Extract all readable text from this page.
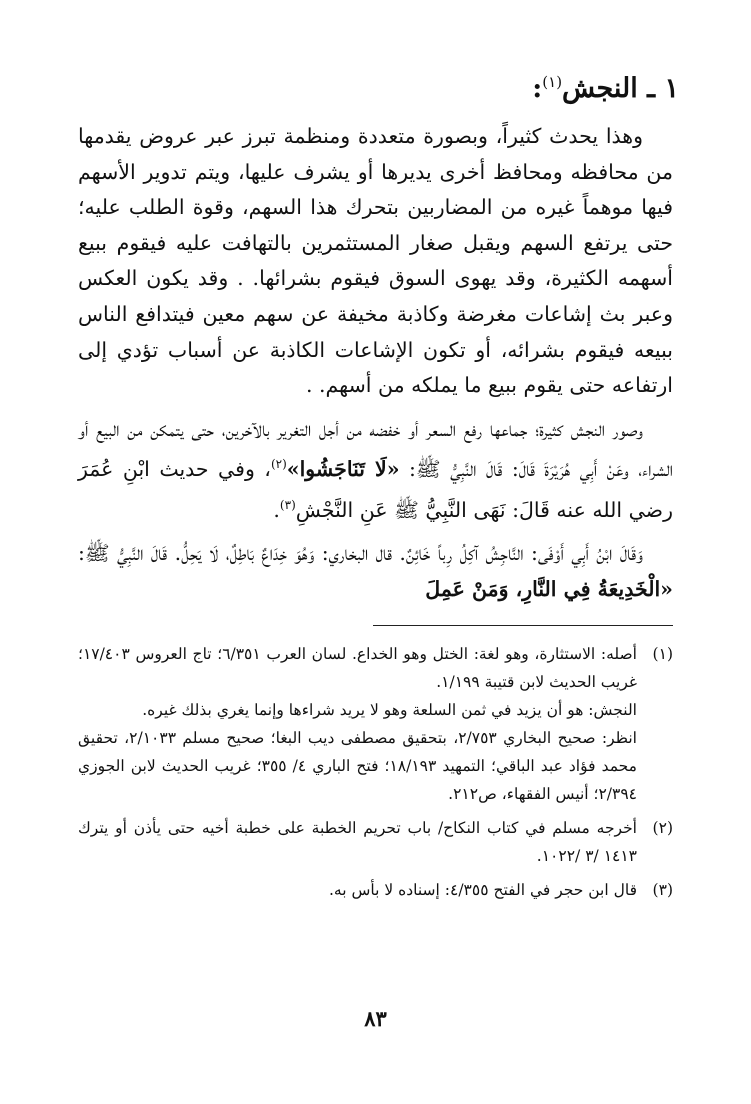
١ ـ النجش$^{(١)}$:

وهذا يحدث كثيراً، وبصورة متعددة ومنظمة تبرز عبر عروض يقدمها من محافظه ومحافظ أخرى يديرها أو يشرف عليها، ويتم تدوير الأسهم فيها موهماً غيره من المضاربين بتحرك هذا السهم، وقوة الطلب عليه؛ حتى يرتفع السهم ويقبل صغار المستثمرين بالتهافت عليه فيقوم ببيع أسهمه الكثيرة، وقد يهوى السوق فيقوم بشرائها. . وقد يكون العكس وعبر بث إشاعات مغرضة وكاذبة مخيفة عن سهم معين فيتدافع الناس ببيعه فيقوم بشرائه، أو تكون الإشاعات الكاذبة عن أسباب تؤدي إلى ارتفاعه حتى يقوم ببيع ما يملكه من أسهم. .

وصور النجش كثيرة؛ جماعها رفع السعر أو خفضه من أجل التغرير بالآخرين، حتى يتمكن من البيع أو الشراء، وعَنْ أَبِي هُرَيْرَةَ قَالَ: قَالَ النَّبِيُّ ﷺ: «لَا تَنَاجَشُوا»$^{(٢)}$، وفي حديث ابْنِ عُمَرَ رضي الله عنه قَالَ: نَهَى النَّبِيُّ ﷺ عَنِ النَّجْشِ$^{(٣)}$.

وَقَالَ ابْنُ أَبِي أَوْفَى: النَّاجِشُ آكِلُ رِباً خَائِنٌ. قال البخاري: وَهُوَ خِدَاعٌ بَاطِلٌ، لَا يَحِلُّ. قَالَ النَّبِيُّ ﷺ: «الْخَدِيعَةُ فِي النَّارِ، وَمَنْ عَمِلَ

(١)
أصله: الاستثارة، وهو لغة: الختل وهو الخداع. لسان العرب ٦/٣٥١؛ تاج العروس ١٧/٤٠٣؛ غريب الحديث لابن قتيبة ١/١٩٩.
النجش: هو أن يزيد في ثمن السلعة وهو لا يريد شراءها وإنما يغري بذلك غيره.
انظر: صحيح البخاري ٢/٧٥٣، بتحقيق مصطفى ديب البغا؛ صحيح مسلم ٢/١٠٣٣، تحقيق محمد فؤاد عبد الباقي؛ التمهيد ١٨/١٩٣؛ فتح الباري ٤/ ٣٥٥؛ غريب الحديث لابن الجوزي ٢/٣٩٤؛ أنيس الفقهاء، ص٢١٢.
(٢)
أخرجه مسلم في كتاب النكاح/ باب تحريم الخطبة على خطبة أخيه حتى يأذن أو يترك ١٤١٣ /٣ /١٠٢٢.
(٣)
قال ابن حجر في الفتح ٤/٣٥٥: إسناده لا بأس به.
٨٣
